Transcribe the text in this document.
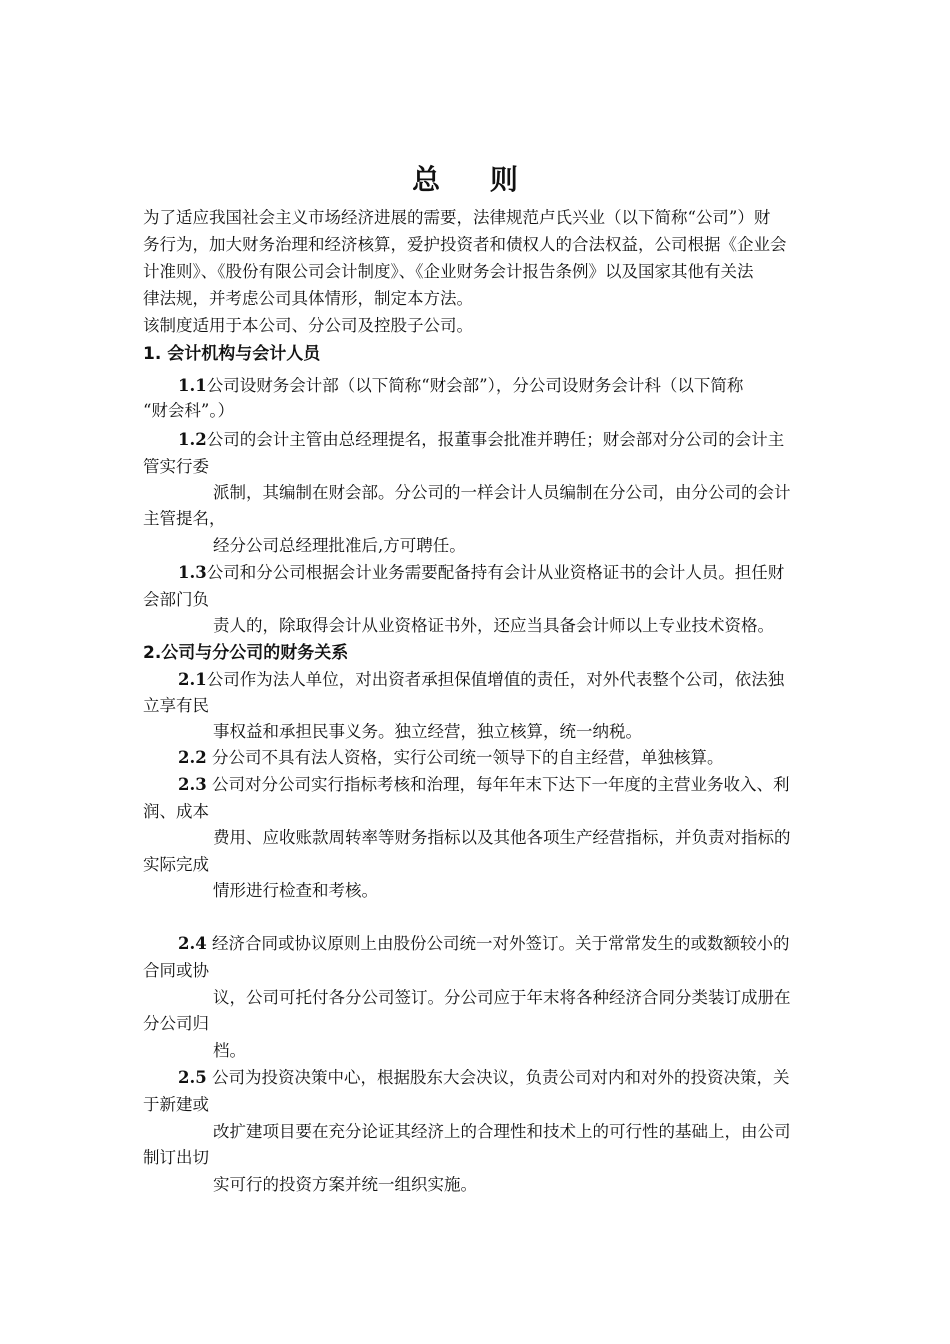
总 则
为了适应我国社会主义市场经济进展的需要，法律规范卢氏兴业（以下简称“公司”）财
务行为，加大财务治理和经济核算，爱护投资者和债权人的合法权益，公司根据《企业会
计准则》、《股份有限公司会计制度》、《企业财务会计报告条例》以及国家其他有关法
律法规，并考虑公司具体情形，制定本方法。
该制度适用于本公司、分公司及控股子公司。
1. 会计机构与会计人员
1.1公司设财务会计部（以下简称“财会部”），分公司设财务会计科（以下简称
“财会科”。）
1.2公司的会计主管由总经理提名，报董事会批准并聘任；财会部对分公司的会计主
管实行委
派制，其编制在财会部。分公司的一样会计人员编制在分公司，由分公司的会计
主管提名，
经分公司总经理批准后,方可聘任。
1.3公司和分公司根据会计业务需要配备持有会计从业资格证书的会计人员。担任财
会部门负
责人的，除取得会计从业资格证书外，还应当具备会计师以上专业技术资格。
2.公司与分公司的财务关系
2.1公司作为法人单位，对出资者承担保值增值的责任，对外代表整个公司，依法独
立享有民
事权益和承担民事义务。独立经营，独立核算，统一纳税。
2.2 分公司不具有法人资格，实行公司统一领导下的自主经营，单独核算。
2.3 公司对分公司实行指标考核和治理，每年年末下达下一年度的主营业务收入、利
润、成本
费用、应收账款周转率等财务指标以及其他各项生产经营指标，并负责对指标的
实际完成
情形进行检查和考核。
2.4 经济合同或协议原则上由股份公司统一对外签订。关于常常发生的或数额较小的
合同或协
议，公司可托付各分公司签订。分公司应于年末将各种经济合同分类装订成册在
分公司归
档。
2.5 公司为投资决策中心，根据股东大会决议，负责公司对内和对外的投资决策，关
于新建或
改扩建项目要在充分论证其经济上的合理性和技术上的可行性的基础上，由公司
制订出切
实可行的投资方案并统一组织实施。
